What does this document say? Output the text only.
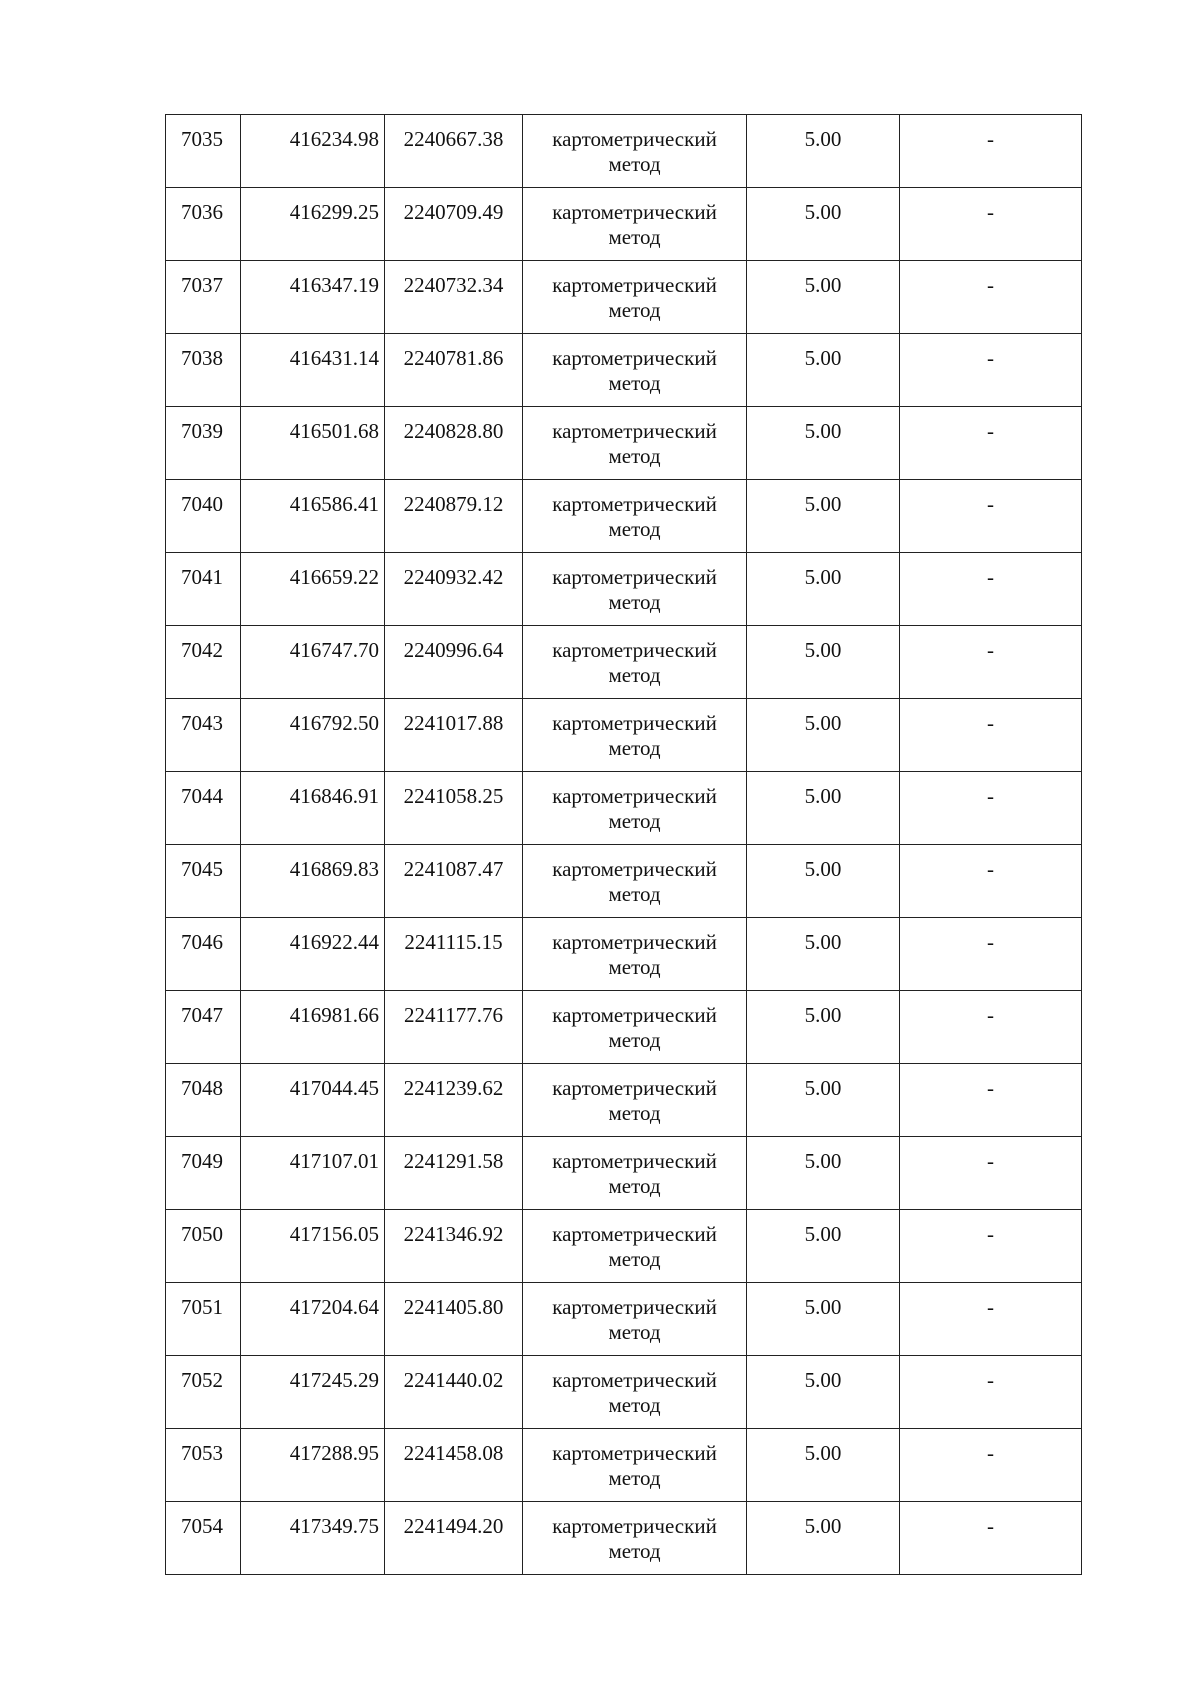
7035	416234.98	2240667.38	картометрический метод	5.00	-
7036	416299.25	2240709.49	картометрический метод	5.00	-
7037	416347.19	2240732.34	картометрический метод	5.00	-
7038	416431.14	2240781.86	картометрический метод	5.00	-
7039	416501.68	2240828.80	картометрический метод	5.00	-
7040	416586.41	2240879.12	картометрический метод	5.00	-
7041	416659.22	2240932.42	картометрический метод	5.00	-
7042	416747.70	2240996.64	картометрический метод	5.00	-
7043	416792.50	2241017.88	картометрический метод	5.00	-
7044	416846.91	2241058.25	картометрический метод	5.00	-
7045	416869.83	2241087.47	картометрический метод	5.00	-
7046	416922.44	2241115.15	картометрический метод	5.00	-
7047	416981.66	2241177.76	картометрический метод	5.00	-
7048	417044.45	2241239.62	картометрический метод	5.00	-
7049	417107.01	2241291.58	картометрический метод	5.00	-
7050	417156.05	2241346.92	картометрический метод	5.00	-
7051	417204.64	2241405.80	картометрический метод	5.00	-
7052	417245.29	2241440.02	картометрический метод	5.00	-
7053	417288.95	2241458.08	картометрический метод	5.00	-
7054	417349.75	2241494.20	картометрический метод	5.00	-
